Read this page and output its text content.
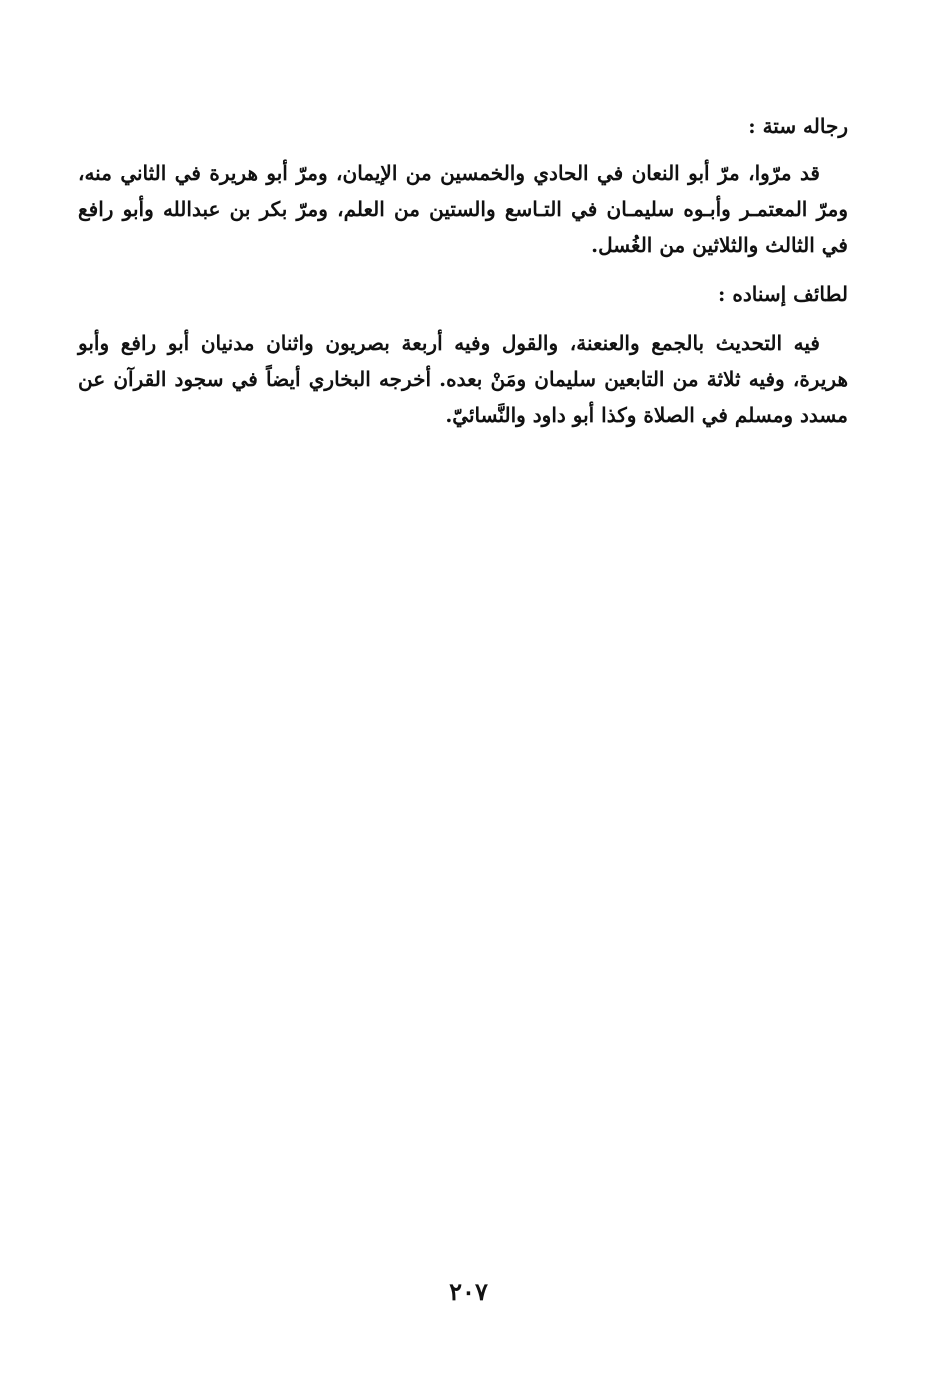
رجاله ستة :

قد مرّوا، مرّ أبو النعان في الحادي والخمسين من الإيمان، ومرّ أبو هريرة في الثاني منه، ومرّ المعتمـر وأبـوه سليمـان في التـاسع والستين من العلم، ومرّ بكر بن عبدالله وأبو رافع في الثالث والثلاثين من الغُسل.

لطائف إسناده :

فيه التحديث بالجمع والعنعنة، والقول وفيه أربعة بصريون واثنان مدنيان أبو رافع وأبو هريرة، وفيه ثلاثة من التابعين سليمان ومَنْ بعده. أخرجه البخاري أيضاً في سجود القرآن عن مسدد ومسلم في الصلاة وكذا أبو داود والنَّسائيّ.

٢٠٧
